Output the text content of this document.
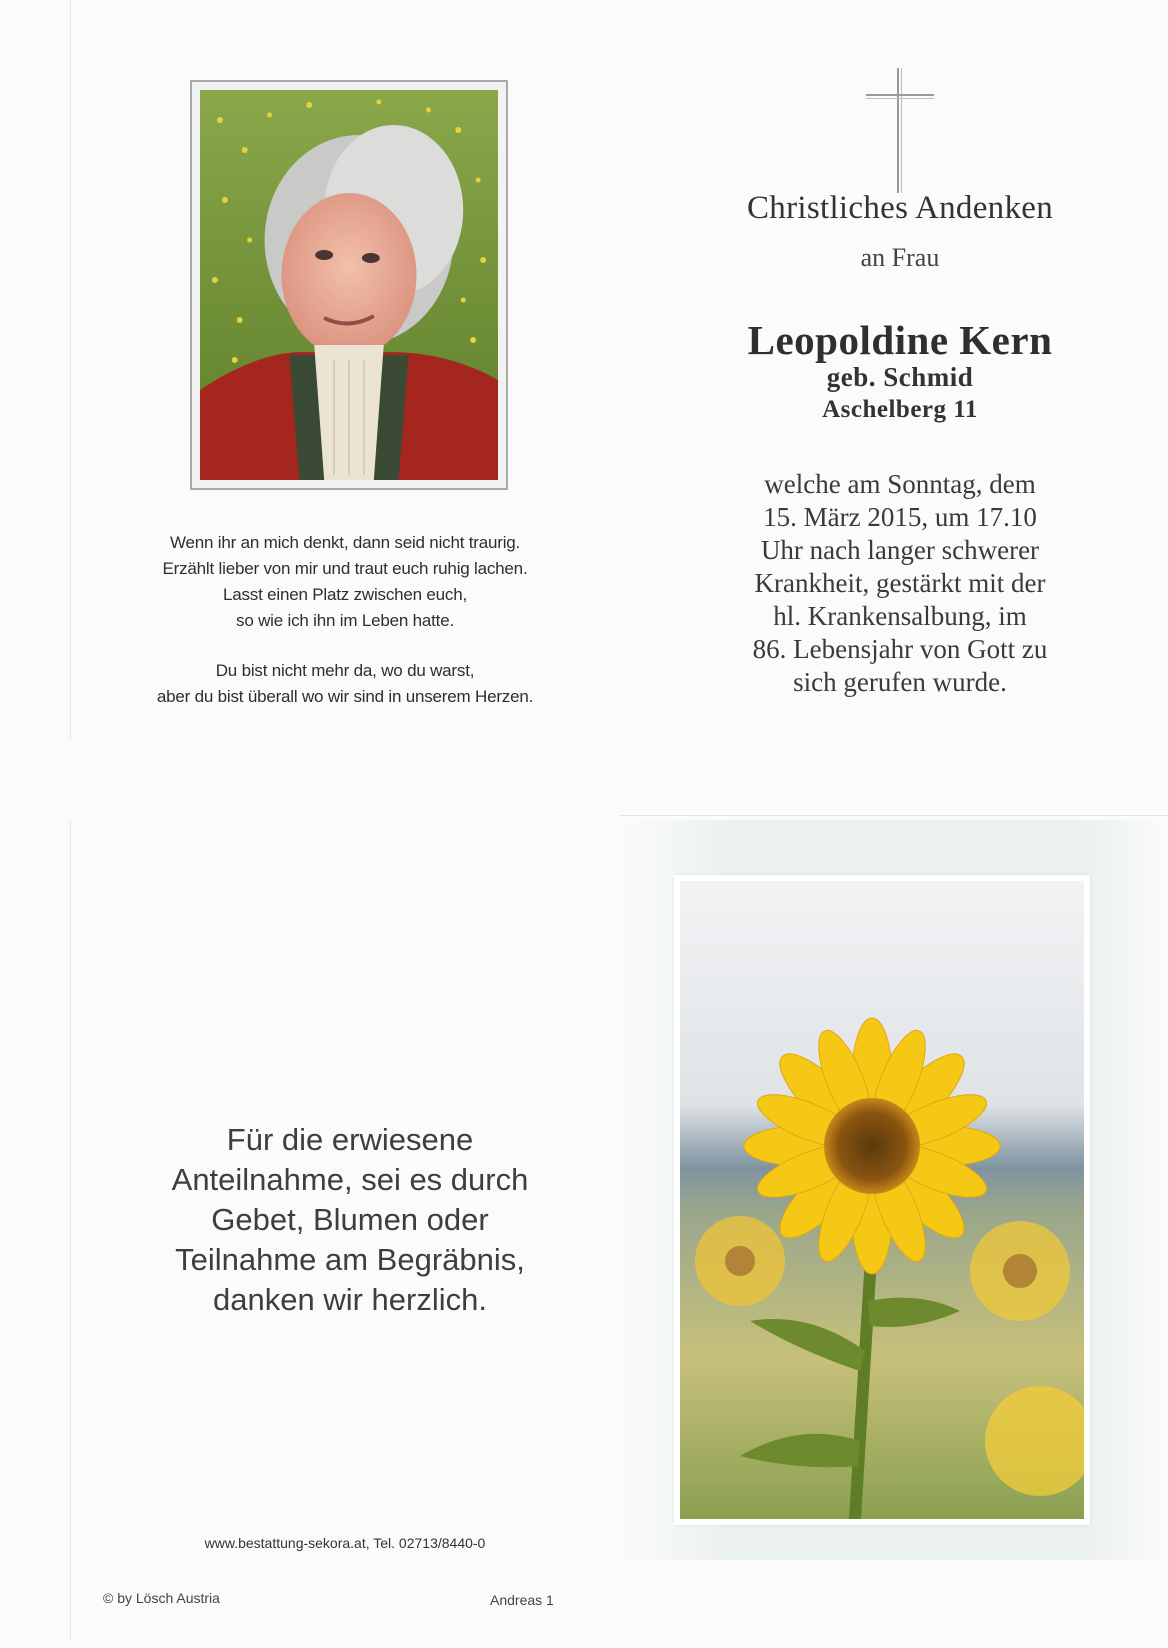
Wenn ihr an mich denkt, dann seid nicht traurig.
Erzählt lieber von mir und traut euch ruhig lachen.
Lasst einen Platz zwischen euch,
so wie ich ihn im Leben hatte.
Du bist nicht mehr da, wo du warst,
aber du bist überall wo wir sind in unserem Herzen.
Christliches Andenken
an Frau
Leopoldine Kern
geb. Schmid
Aschelberg 11
welche am Sonntag, dem
15. März 2015, um 17.10
Uhr nach langer schwerer
Krankheit, gestärkt mit der
hl. Krankensalbung, im
86. Lebensjahr von Gott zu
sich gerufen wurde.
Für die erwiesene
Anteilnahme, sei es durch
Gebet, Blumen oder
Teilnahme am Begräbnis,
danken wir herzlich.
www.bestattung-sekora.at, Tel. 02713/8440-0
© by Lösch Austria	Andreas 1
